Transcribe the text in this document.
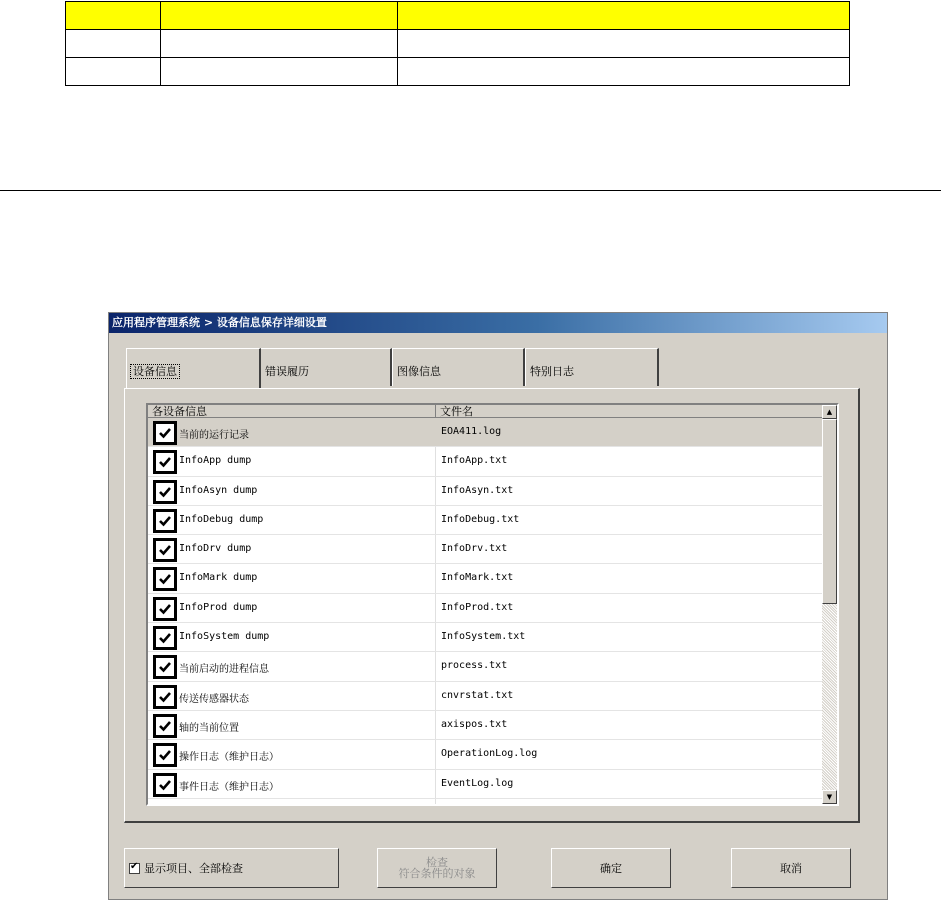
应用程序管理系统 > 设备信息保存详细设置
设备信息	错误履历	图像信息	特别日志
各设备信息	文件名
当前的运行记录	EOA411.log
InfoApp dump	InfoApp.txt
InfoAsyn dump	InfoAsyn.txt
InfoDebug dump	InfoDebug.txt
InfoDrv dump	InfoDrv.txt
InfoMark dump	InfoMark.txt
InfoProd dump	InfoProd.txt
InfoSystem dump	InfoSystem.txt
当前启动的进程信息	process.txt
传送传感器状态	cnvrstat.txt
轴的当前位置	axispos.txt
操作日志（维护日志）	OperationLog.log
事件日志（维护日志）	EventLog.log
▲
▼
✔ 显示项目、全部检查	检查
符合条件的对象	确定	取消
